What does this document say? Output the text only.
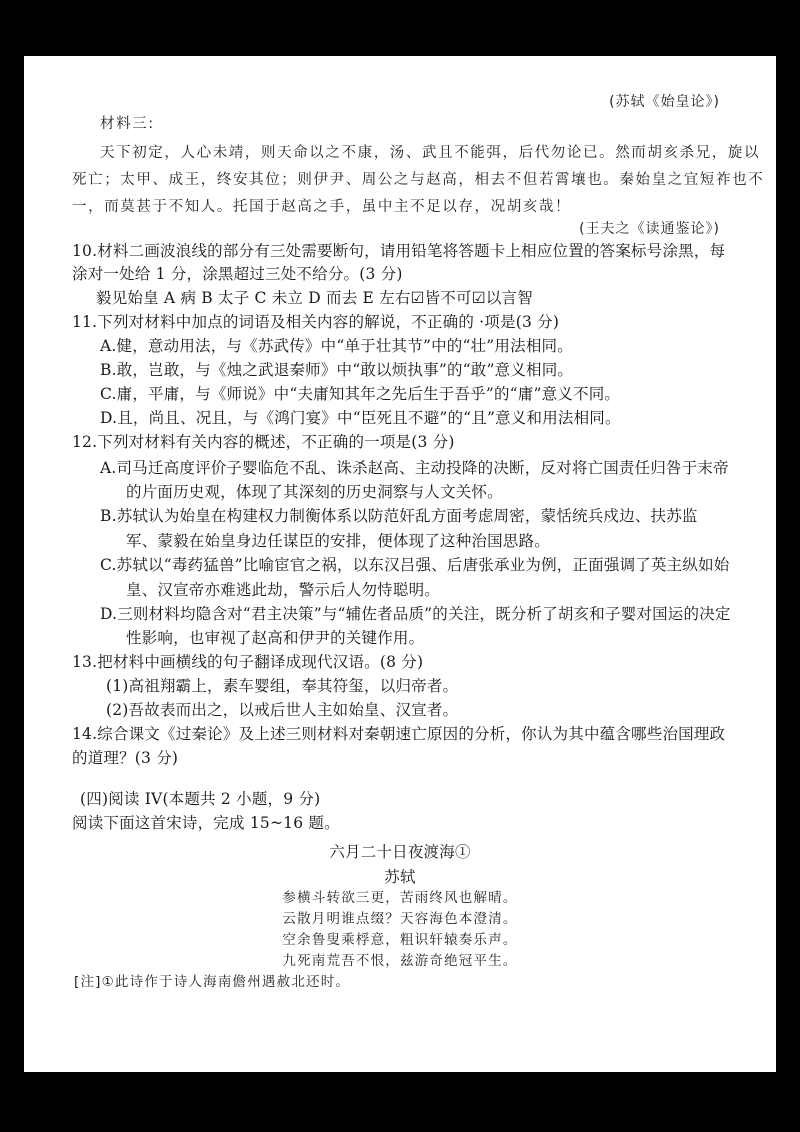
(苏轼《始皇论》)
材料三:
天下初定，人心未靖，则天命以之不康，汤、武且不能弭，后代勿论已。然而胡亥杀兄，旋以
死亡；太甲、成王，终安其位；则伊尹、周公之与赵高，相去不但若霄壤也。秦始皇之宜短祚也不
一，而莫甚于不知人。托国于赵高之手，虽中主不足以存，况胡亥哉！
(王夫之《读通鉴论》)
10.材料二画波浪线的部分有三处需要断句，请用铅笔将答题卡上相应位置的答案标号涂黑，每
涂对一处给 1 分，涂黑超过三处不给分。(3 分)
毅见始皇 A 病 B 太子 C 未立 D 而去 E 左右☑皆不可☑以言智
11.下列对材料中加点的词语及相关内容的解说，不正确的 ·项是(3 分)
A.健，意动用法，与《苏武传》中“单于壮其节”中的“壮”用法相同。
B.敢，岂敢，与《烛之武退秦师》中“敢以烦执事”的“敢”意义相同。
C.庸，平庸，与《师说》中“夫庸知其年之先后生于吾乎”的“庸”意义不同。
D.且，尚且、况且，与《鸿门宴》中“臣死且不避”的“且”意义和用法相同。
12.下列对材料有关内容的概述，不正确的一项是(3 分)
A.司马迁高度评价子婴临危不乱、诛杀赵高、主动投降的决断，反对将亡国责任归咎于末帝
的片面历史观，体现了其深刻的历史洞察与人文关怀。
B.苏轼认为始皇在构建权力制衡体系以防范奸乱方面考虑周密，蒙恬统兵戍边、扶苏监
军、蒙毅在始皇身边任谋臣的安排，便体现了这种治国思路。
C.苏轼以“毒药猛兽”比喻宦官之祸，以东汉吕强、后唐张承业为例，正面强调了英主纵如始
皇、汉宣帝亦难逃此劫，警示后人勿恃聪明。
D.三则材料均隐含对“君主决策”与“辅佐者品质”的关注，既分析了胡亥和子婴对国运的决定
性影响，也审视了赵高和伊尹的关键作用。
13.把材料中画横线的句子翻译成现代汉语。(8 分)
(1)高祖翔霸上，素车婴组，奉其符玺，以归帝者。
(2)吾故表而出之，以戒后世人主如始皇、汉宣者。
14.综合课文《过秦论》及上述三则材料对秦朝速亡原因的分析，你认为其中蕴含哪些治国理政
的道理？(3 分)
(四)阅读 IV(本题共 2 小题，9 分)
阅读下面这首宋诗，完成 15~16 题。
六月二十日夜渡海①
苏轼
参横斗转欲三更，苦雨终风也解晴。
云散月明谁点缀？天容海色本澄清。
空余鲁叟乘桴意，粗识轩辕奏乐声。
九死南荒吾不恨，兹游奇绝冠平生。
[注]①此诗作于诗人海南儋州遇赦北还时。
